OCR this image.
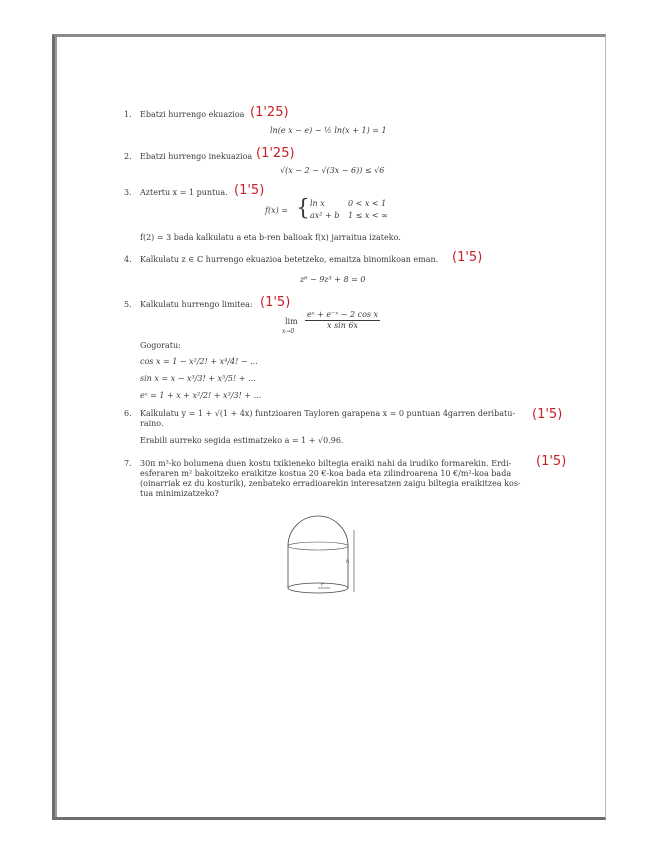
1. Ebatzi hurrengo ekuazioa (1'25)
ln(e x − e) − ½ ln(x + 1) = 1
2. Ebatzi hurrengo inekuazioa (1'25)
√(x − 2 − √(3x − 6)) ≤ √6
3. Aztertu x = 1 puntua. (1'5)
f(x) = { ln x	0 < x < 1
ax² + b 1 ≤ x < ∞
f(2) = 3 bada kalkulatu a eta b-ren balioak f(x) jarraitua izateko.
4. Kalkulatu z ∈ ℂ hurrengo ekuazioa betetzeko, emaitza binomikoan eman. (1'5)
z⁶ − 9z³ + 8 = 0
5. Kalkulatu hurrengo limitea: (1'5)
lim
x→0
$\frac{\text{eˣ + e⁻ˣ − 2 cos x}}{\text{x sin 6x}}$
Gogoratu:
cos x = 1 − x²/2! + x⁴/4! − ...
sin x = x − x³/3! + x⁵/5! + ...
eˣ = 1 + x + x²/2! + x³/3! + ...
6. Kalkulatu y = 1 + √(1 + 4x) funtzioaren Tayloren garapena x = 0 puntuan 4garren deribatu-raino.
(1'5)
Erabili aurreko segida estimatzeko a = 1 + √0.96.
7. 30π m³-ko bolumena duen kostu txikieneko biltegia eraiki nahi da irudiko formarekin. Erdi-esferaren m² bakoitzeko eraikitze kostua 20 €-koa bada eta zilindroarena 10 €/m²-koa bada (oinarriak ez du kosturik), zenbateko erradioarekin interesatzen zaigu biltegia eraikitzea kos-tua minimizatzeko?
(1'5)
h
r
